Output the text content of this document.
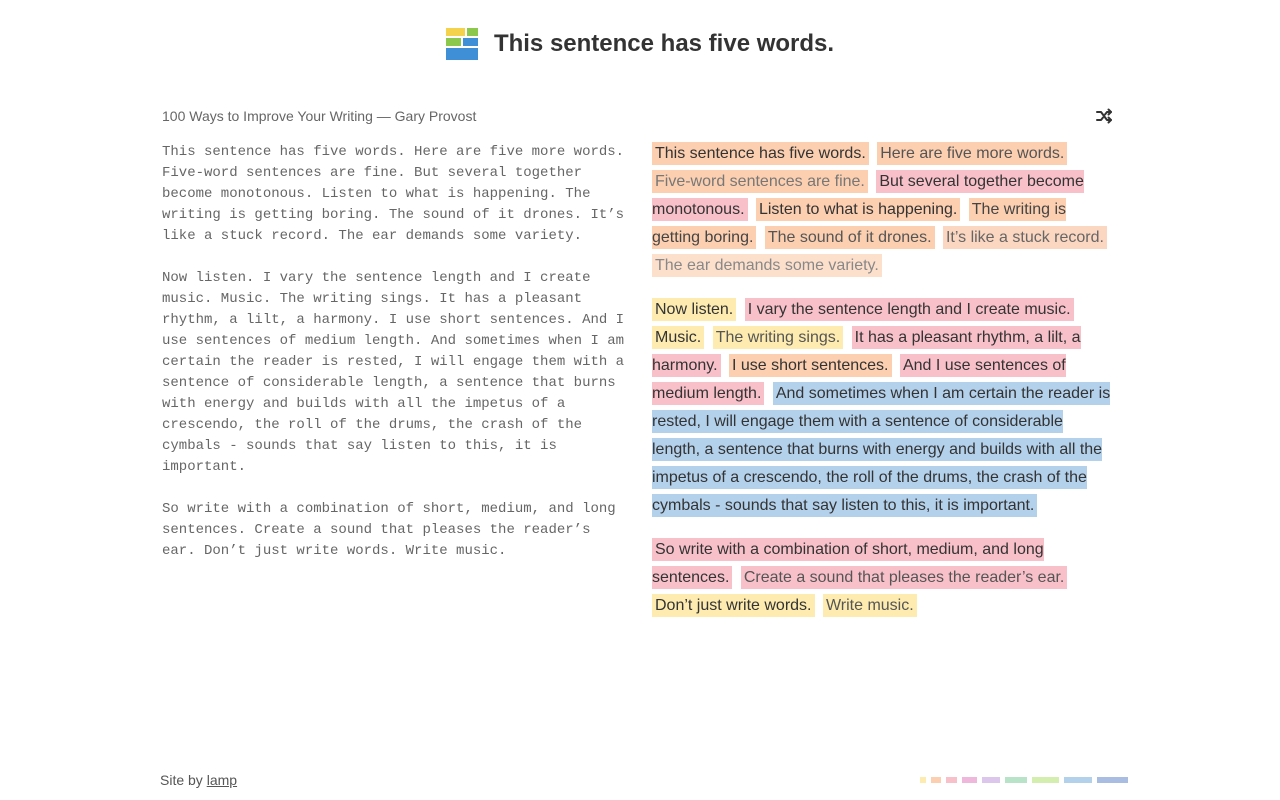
This sentence has five words.
100 Ways to Improve Your Writing — Gary Provost

This sentence has five words. Here are five more words. Five-word sentences are fine. But several together become monotonous. Listen to what is happening. The writing is getting boring. The sound of it drones. It’s like a stuck record. The ear demands some variety.

Now listen. I vary the sentence length and I create music. Music. The writing sings. It has a pleasant rhythm, a lilt, a harmony. I use short sentences. And I use sentences of medium length. And sometimes when I am certain the reader is rested, I will engage them with a sentence of considerable length, a sentence that burns with energy and builds with all the impetus of a crescendo, the roll of the drums, the crash of the cymbals - sounds that say listen to this, it is important.

So write with a combination of short, medium, and long sentences. Create a sound that pleases the reader’s ear. Don’t just write words. Write music.

This sentence has five words. Here are five more words. Five-word sentences are fine. But several together become monotonous. Listen to what is happening. The writing is getting boring. The sound of it drones. It’s like a stuck record. The ear demands some variety.

Now listen. I vary the sentence length and I create music. Music. The writing sings. It has a pleasant rhythm, a lilt, a harmony. I use short sentences. And I use sentences of medium length. And sometimes when I am certain the reader is rested, I will engage them with a sentence of considerable length, a sentence that burns with energy and builds with all the impetus of a crescendo, the roll of the drums, the crash of the cymbals - sounds that say listen to this, it is important.

So write with a combination of short, medium, and long sentences. Create a sound that pleases the reader’s ear. Don’t just write words. Write music.

Site by lamp
